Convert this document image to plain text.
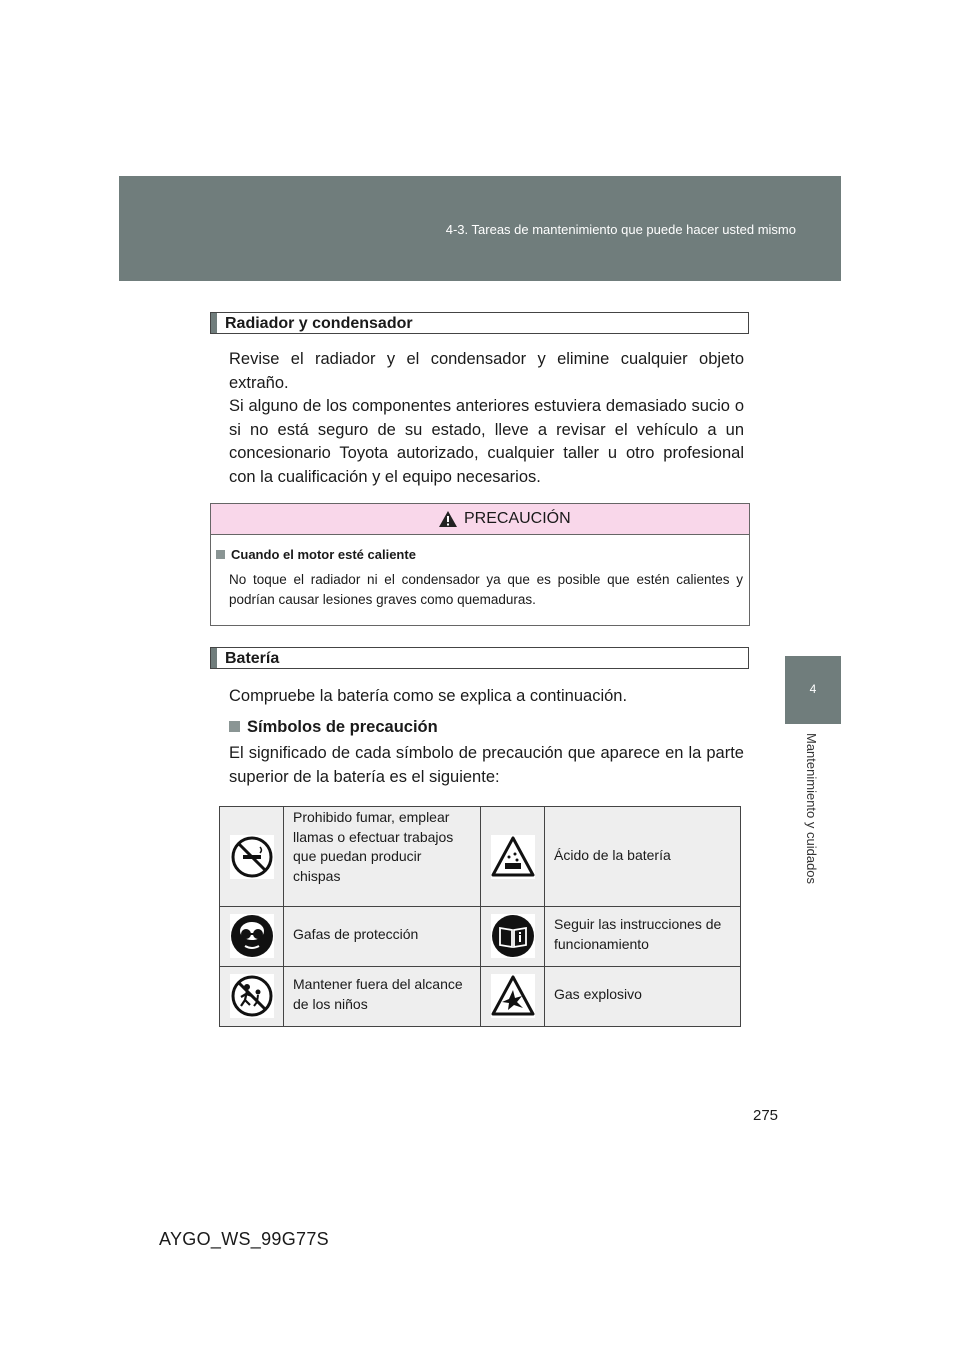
4-3. Tareas de mantenimiento que puede hacer usted mismo
4
Mantenimiento y cuidados
Radiador y condensador
Revise el radiador y el condensador y elimine cualquier objeto extraño.
Si alguno de los componentes anteriores estuviera demasiado sucio o si no está seguro de su estado, lleve a revisar el vehículo a un concesionario Toyota autorizado, cualquier taller u otro profesional con la cualificación y el equipo necesarios.
PRECAUCIÓN
Cuando el motor esté caliente
No toque el radiador ni el condensador ya que es posible que estén calientes y podrían causar lesiones graves como quemaduras.
Batería
Compruebe la batería como se explica a continuación.
Símbolos de precaución
El significado de cada símbolo de precaución que aparece en la parte superior de la batería es el siguiente:
Prohibido fumar, emplear llamas o efectuar trabajos que puedan producir chispas
Ácido de la batería
Gafas de protección
Seguir las instrucciones de funcionamiento
Mantener fuera del alcance de los niños
Gas explosivo
275
AYGO_WS_99G77S
